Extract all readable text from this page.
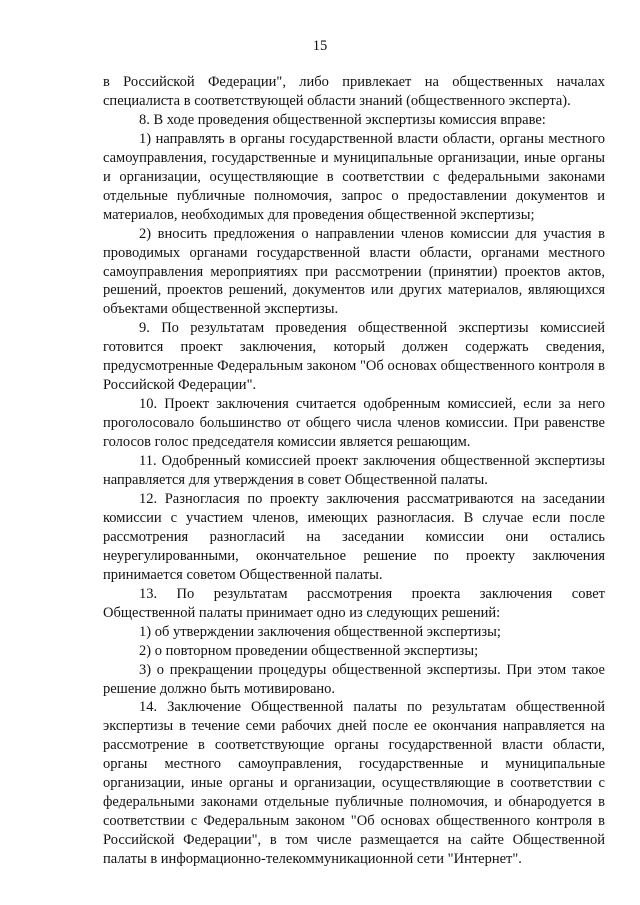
15

в Российской Федерации", либо привлекает на общественных началах специалиста в соответствующей области знаний (общественного эксперта).

8. В ходе проведения общественной экспертизы комиссия вправе:

1) направлять в органы государственной власти области, органы местного самоуправления, государственные и муниципальные организации, иные органы и организации, осуществляющие в соответствии с федеральными законами отдельные публичные полномочия, запрос о предоставлении документов и материалов, необходимых для проведения общественной экспертизы;

2) вносить предложения о направлении членов комиссии для участия в проводимых органами государственной власти области, органами местного самоуправления мероприятиях при рассмотрении (принятии) проектов актов, решений, проектов решений, документов или других материалов, являющихся объектами общественной экспертизы.

9. По результатам проведения общественной экспертизы комиссией готовится проект заключения, который должен содержать сведения, предусмотренные Федеральным законом "Об основах общественного контроля в Российской Федерации".

10. Проект заключения считается одобренным комиссией, если за него проголосовало большинство от общего числа членов комиссии. При равенстве голосов голос председателя комиссии является решающим.

11. Одобренный комиссией проект заключения общественной экспертизы направляется для утверждения в совет Общественной палаты.

12. Разногласия по проекту заключения рассматриваются на заседании комиссии с участием членов, имеющих разногласия. В случае если после рассмотрения разногласий на заседании комиссии они остались неурегулированными, окончательное решение по проекту заключения принимается советом Общественной палаты.

13. По результатам рассмотрения проекта заключения совет Общественной палаты принимает одно из следующих решений:

1) об утверждении заключения общественной экспертизы;

2) о повторном проведении общественной экспертизы;

3) о прекращении процедуры общественной экспертизы. При этом такое решение должно быть мотивировано.

14. Заключение Общественной палаты по результатам общественной экспертизы в течение семи рабочих дней после ее окончания направляется на рассмотрение в соответствующие органы государственной власти области, органы местного самоуправления, государственные и муниципальные организации, иные органы и организации, осуществляющие в соответствии с федеральными законами отдельные публичные полномочия, и обнародуется в соответствии с Федеральным законом "Об основах общественного контроля в Российской Федерации", в том числе размещается на сайте Общественной палаты в информационно-телекоммуникационной сети "Интернет".
